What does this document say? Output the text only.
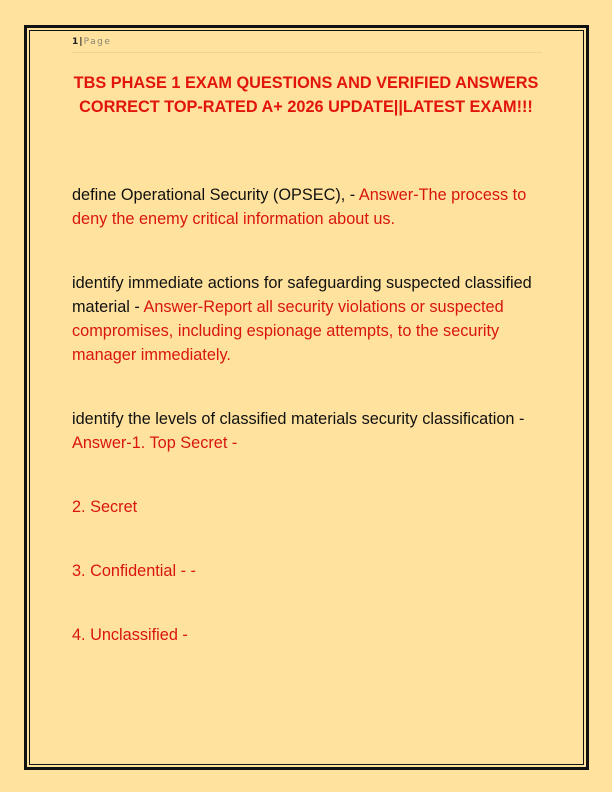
1|Page
TBS PHASE 1 EXAM QUESTIONS AND VERIFIED ANSWERS CORRECT TOP-RATED A+ 2026 UPDATE||LATEST EXAM!!!
define Operational Security (OPSEC), - Answer-The process to deny the enemy critical information about us.
identify immediate actions for safeguarding suspected classified material - Answer-Report all security violations or suspected compromises, including espionage attempts, to the security manager immediately.
identify the levels of classified materials security classification - Answer-1. Top Secret -
2. Secret
3. Confidential - -
4. Unclassified -
